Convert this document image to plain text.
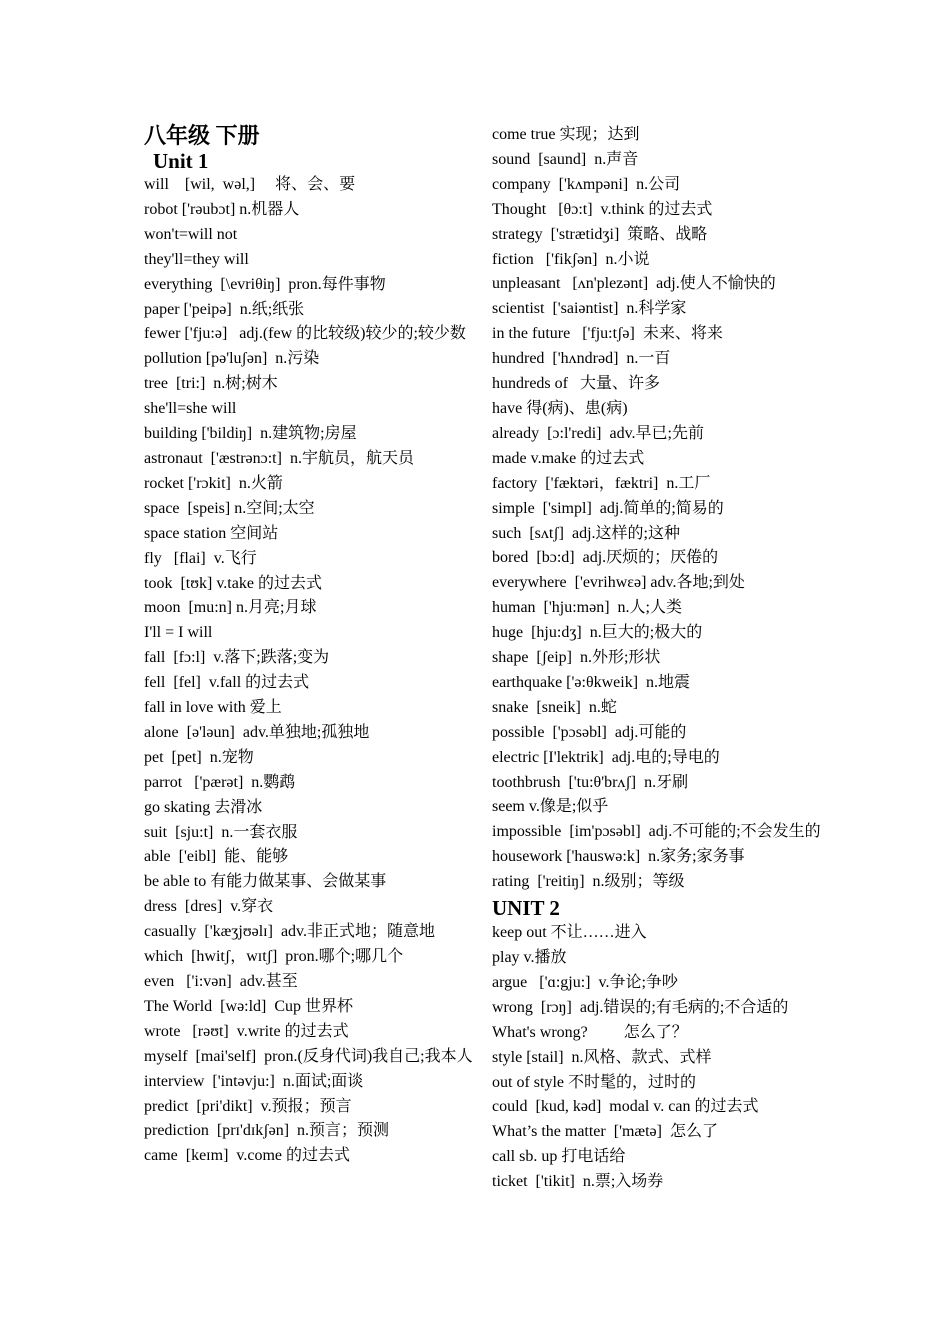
八年级 下册
Unit 1
will    [wil,  wəl,]     将、会、要
robot ['rəubɔt] n.机器人
won't=will not
they'll=they will
everything  [\evriθiŋ]  pron.每件事物
paper ['peipə]  n.纸;纸张
fewer ['fju:ə]   adj.(few 的比较级)较少的;较少数
pollution [pə'luʃən]  n.污染
tree  [tri:]  n.树;树木
she'll=she will
building ['bildiŋ]  n.建筑物;房屋
astronaut  ['æstrənɔ:t]  n.宇航员，航天员
rocket ['rɔkit]  n.火箭
space  [speis] n.空间;太空
space station 空间站
fly   [flai]  v.飞行
took  [tʊk] v.take 的过去式
moon  [mu:n] n.月亮;月球
I'll = I will
fall  [fɔ:l]  v.落下;跌落;变为
fell  [fel]  v.fall 的过去式
fall in love with 爱上
alone  [ə'ləun]  adv.单独地;孤独地
pet  [pet]  n.宠物
parrot   ['pærət]  n.鹦鹉
go skating 去滑冰
suit  [sju:t]  n.一套衣服
able  ['eibl]  能、能够
be able to 有能力做某事、会做某事
dress  [dres]  v.穿衣
casually  ['kæʒjʊəlɪ]  adv.非正式地；随意地
which  [hwitʃ，wɪtʃ]  pron.哪个;哪几个
even   ['i:vən]  adv.甚至
The World  [wə:ld]  Cup 世界杯
wrote   [rəʊt]  v.write 的过去式
myself  [mai'self]  pron.(反身代词)我自己;我本人
interview  ['intəvju:]  n.面试;面谈
predict  [pri'dikt]  v.预报；预言
prediction  [prɪ'dɪkʃən]  n.预言；预测
came  [keɪm]  v.come 的过去式
come true 实现；达到
sound  [saund]  n.声音
company  ['kʌmpəni]  n.公司
Thought   [θɔ:t]  v.think 的过去式
strategy  ['strætidʒi]  策略、战略
fiction   ['fikʃən]  n.小说
unpleasant   [ʌn'plezənt]  adj.使人不愉快的
scientist  ['saiəntist]  n.科学家
in the future   ['fju:tʃə]  未来、将来
hundred  ['hʌndrəd]  n.一百
hundreds of   大量、许多
have 得(病)、患(病)
already  [ɔ:l'redi]  adv.早已;先前
made v.make 的过去式
factory  ['fæktəri，fæktri]  n.工厂
simple  ['simpl]  adj.简单的;简易的
such  [sʌtʃ]  adj.这样的;这种
bored  [bɔ:d]  adj.厌烦的；厌倦的
everywhere  ['evrihwɛə] adv.各地;到处
human  ['hju:mən]  n.人;人类
huge  [hju:dʒ]  n.巨大的;极大的
shape  [ʃeip]  n.外形;形状
earthquake ['ə:θkweik]  n.地震
snake  [sneik]  n.蛇
possible  ['pɔsəbl]  adj.可能的
electric [I'lektrik]  adj.电的;导电的
toothbrush  ['tu:θ'brʌʃ]  n.牙刷
seem v.像是;似乎
impossible  [im'pɔsəbl]  adj.不可能的;不会发生的
housework ['hauswə:k]  n.家务;家务事
rating  ['reitiŋ]  n.级别；等级
UNIT 2
keep out 不让……进入
play v.播放
argue   ['ɑ:gju:]  v.争论;争吵
wrong  [rɔŋ]  adj.错误的;有毛病的;不合适的
What's wrong?         怎么了？
style [stail]  n.风格、款式、式样
out of style 不时髦的，过时的
could  [kud, kəd]  modal v. can 的过去式
What’s the matter  ['mætə]  怎么了
call sb. up 打电话给
ticket  ['tikit]  n.票;入场券
